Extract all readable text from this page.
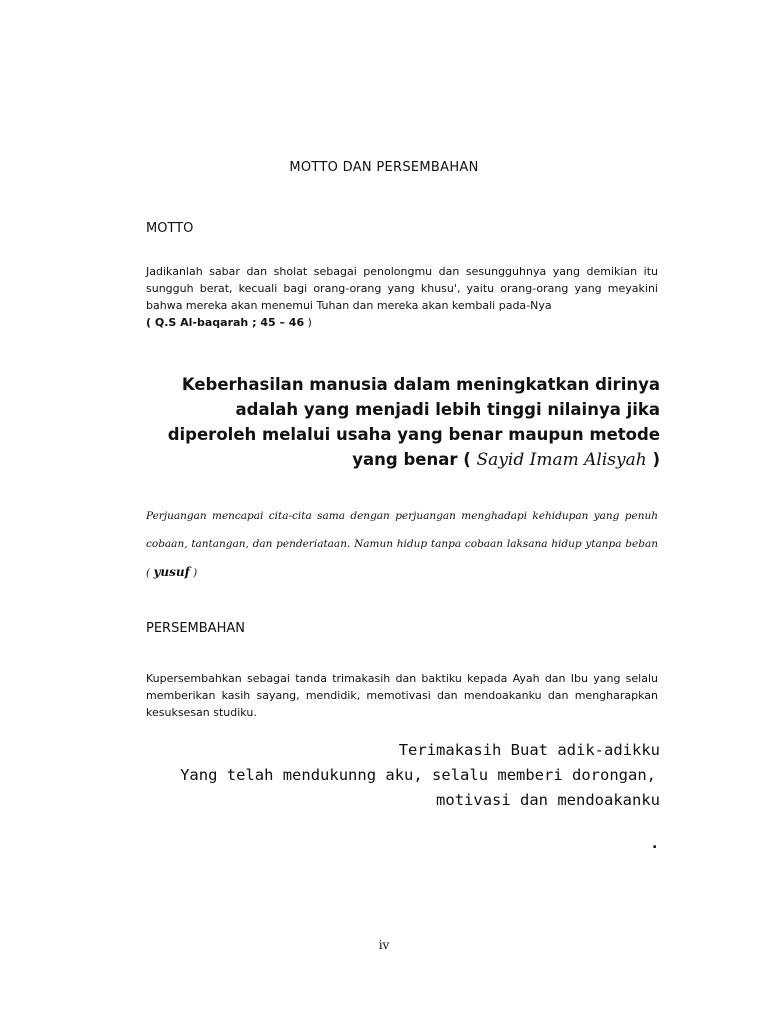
MOTTO DAN PERSEMBAHAN
MOTTO
Jadikanlah sabar dan sholat sebagai penolongmu dan sesungguhnya yang demikian itu sungguh berat, kecuali bagi orang-orang yang khusu', yaitu orang-orang yang meyakini bahwa mereka akan menemui Tuhan dan mereka akan kembali pada-Nya
( Q.S Al-baqarah ; 45 – 46 )
Keberhasilan manusia dalam meningkatkan dirinya adalah yang menjadi lebih tinggi nilainya jika diperoleh melalui usaha yang benar maupun metode yang benar ( Sayid Imam Alisyah )
Perjuangan mencapai cita-cita sama dengan perjuangan menghadapi kehidupan yang penuh cobaan, tantangan, dan penderiataan. Namun hidup tanpa cobaan laksana hidup ytanpa beban ( yusuf )
PERSEMBAHAN
Kupersembahkan sebagai tanda trimakasih dan baktiku kepada Ayah dan Ibu yang selalu memberikan kasih sayang, mendidik, memotivasi dan mendoakanku dan mengharapkan kesuksesan studiku.
Terimakasih Buat adik-adikku
Yang telah mendukunng aku, selalu memberi dorongan,
motivasi dan mendoakanku
.
iv
